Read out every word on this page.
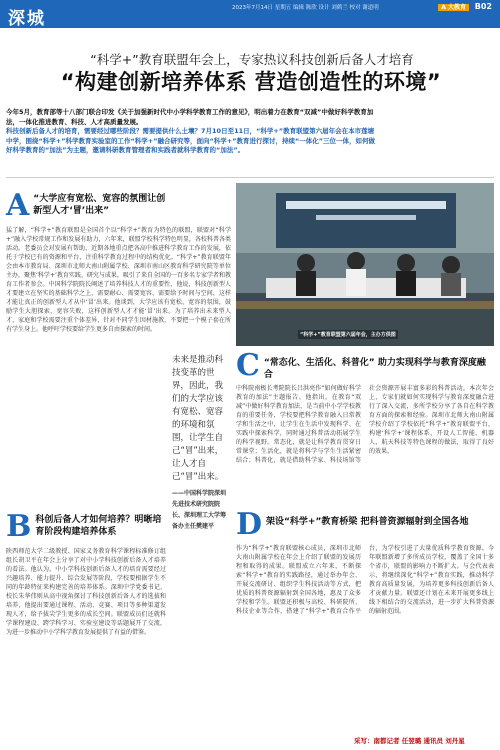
深城
2023年7月14日 星期五 编辑 陈欣 设计 刘鹤兰 校对 谢道明	A 大教育 B02
“科学+”教育联盟年会上，专家热议科技创新后备人才培育
“构建创新培养体系 营造创造性的环境”
今年5月，教育部等十八部门联合印发《关于加强新时代中小学科学教育工作的意见》，明出着力在教育“双减”中做好科学教育加法，一体化推进教育、科技、人才高质量发展。
科技创新后备人才的培育，需要经过哪些阶段？需要提供什么土壤？7月10日至11日，“科学+”教育联盟第六届年会在本市莲塘中学，围绕“科学+”科学教育实验室的工作“科学+”融合研究等，面向“科学+”教育进行探讨，持续“一体化”三位一体，如何做好科学教育的“加法”为主题，邀请科研教育管理者和实践者就科学教育的“加法”。
A “大学应有宽松、宽容的氛围让创新型人才‘冒’出来”
猛了解，“科学+”教育联盟是全国首个以“科学+”教育为特色的联盟，联盟对“科学+”融入学校常规工作和发展有助力，六年来，联盟学校科学特色明显，各校科普各类活动。老委员会对发展有帮助，近期各地重点把各高中推进科学教育工作的发展，依托于学校已有的资源和平台，注重科学教育过程中的结构优化。“科学+”教育联盟年会由本市教育局、深圳市北师大南山附属学校、深圳市南山区教育科学研究院等单位主办，聚焦‘科学+’教育实践、研究与成果，吸引了来自全国的一百多名专家学者和教育工作者参会。中国科学院院长阐述了培养科技人才的重要性，他说，科技创新型人才要建立在坚实的基础科学之上，需要耐心、需要宽容、需要给予时间与空间，这样才能让真正的创新型人才从中‘冒’出来。他谈到，大学应该有宽松、宽容的氛围，鼓励学生大胆探索，宽容失败，这样创新型人才才能‘冒’出来。为了培养出未来型人才，家庭和学校需要注重个体差异，针对不同学生因材施教，不要把一个模子套在所有学生身上。他呼吁学校要给学生更多自由探索的时间。
B 科创后备人才如何培养？明晰培育阶段构建培养体系
陕西师范大学二级教授、国家义务教育科学课程标准修订组组长胡卫平在年会上分享了对中小学科技创新后备人才培养的看法。他认为，中小学科技创新后备人才的培育需要经过兴趣培养、能力提升、综合发展等阶段，学校要根据学生不同的年龄特征来构建完善的培养体系。深圳中学党委书记、校长朱华伟则从高中视角探讨了科技创新后备人才的选拔和培养，他提出要通过课程、活动、竞赛、项目等多种渠道发现人才，给予拔尖学生更多的成长空间。联盟成员们还就科学课程建设、跨学科学习、实验室建设等话题展开了交流，为进一步推动中小学科学教育发展提供了有益的借鉴。
“科学+”教育联盟第六届年会，主办方供图
未来是推动科技变革的世界，因此，我们的大学应该有宽松、宽容的环境和氛围，让学生自己“冒”出来，让人才自己“冒”出来。
——中国科学院深圳先进技术研究院院长、深圳理工大学筹备办主任樊建平
C “常态化、生活化、科普化” 助力实现科学与教育深度融合
中科院南极长考院院长吕洪亮作“如何做好科学教育的加法”主题报告。他指出，在教育“双减”中做好科学教育加法，是当前中小学学校教育的重要任务，学校要把科学教育融入日常教学和生活之中，让学生在生活中发现科学、在实践中探索科学，同时通过科普活动拓展学生的科学视野。常态化，就是让科学教育贯穿日常课堂；生活化，就是将科学与学生生活紧密结合；科普化，就是借助科学家、科技场馆等社会资源开展丰富多彩的科普活动。本次年会上，专家们就如何实现科学与教育深度融合进行了深入交流，多所学校分享了各自在科学教育方面的探索和经验。深圳市北师大南山附属学校介绍了学校依托“科学+”教育联盟平台，构建‘科学+’课程体系，开设人工智能、机器人、航天科技等特色课程的做法，取得了良好的效果。
D 架设“科学+”教育桥梁 把科普资源辐射到全国各地
作为“科学+”教育联盟核心成员，深圳市北师大南山附属学校在年会上介绍了联盟的发展历程和取得的成果。联盟成立六年来，不断探索“科学+”教育的实践路径，通过举办年会、开展交流研讨、组织学生科技活动等方式，把优质的科普资源辐射到全国各地，惠及了众多学校和学生。联盟还积极与高校、科研院所、科技企业等合作，搭建了“科学+”教育合作平台，为学校引进了大量优质科学教育资源。今年联盟新增了多所成员学校，覆盖了全国十多个省市，联盟的影响力不断扩大。与会代表表示，将继续深化“科学+”教育实践，推动科学教育高质量发展，为培养更多科技创新后备人才贡献力量。联盟还计划在未来开展更多线上线下相结合的交流活动，进一步扩大科普资源的辐射范围。
采写：南都记者 任翌璐 通讯员 刘丹星
